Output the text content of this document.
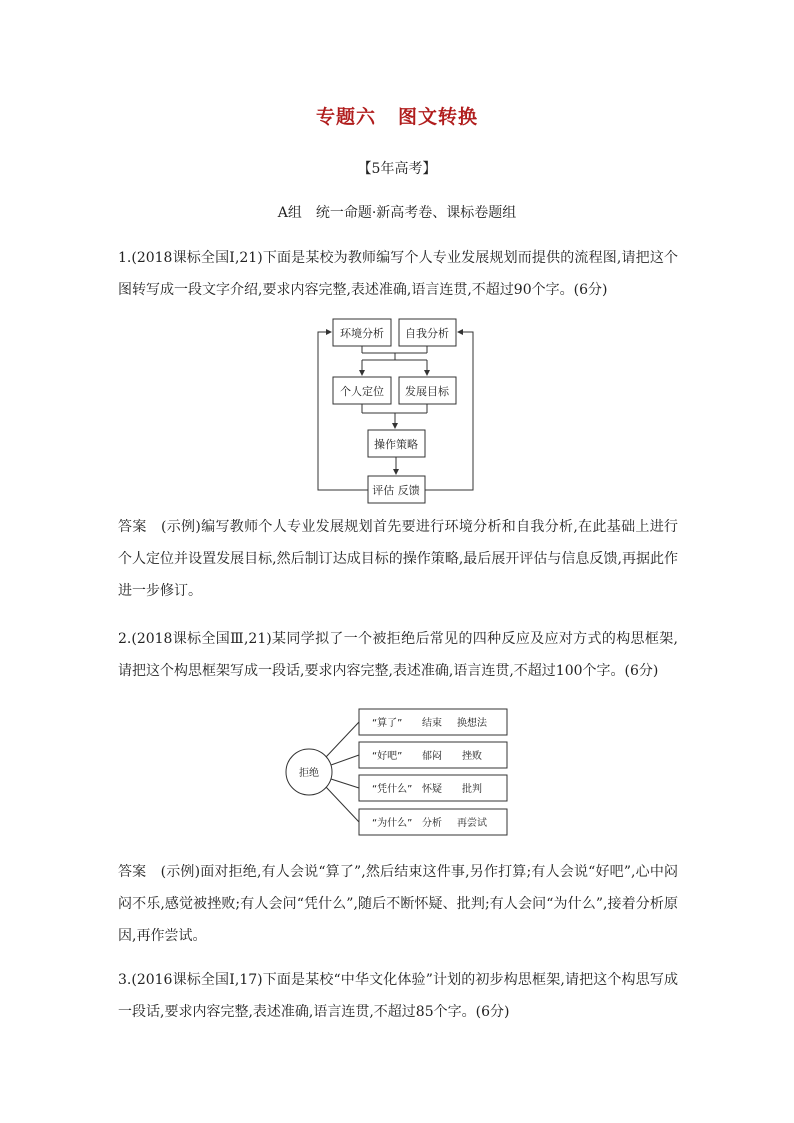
专题六 图文转换
【5年高考】
A组　统一命题·新高考卷、课标卷题组
1.(2018课标全国Ⅰ,21)下面是某校为教师编写个人专业发展规划而提供的流程图,请把这个图转写成一段文字介绍,要求内容完整,表述准确,语言连贯,不超过90个字。(6分)
环境分析 自我分析
个人定位 发展目标
操作策略
评估 反馈
答案　 (示例)编写教师个人专业发展规划首先要进行环境分析和自我分析,在此基础上进行个人定位并设置发展目标,然后制订达成目标的操作策略,最后展开评估与信息反馈,再据此作进一步修订。
2.(2018课标全国Ⅲ,21)某同学拟了一个被拒绝后常见的四种反应及应对方式的构思框架,请把这个构思框架写成一段话,要求内容完整,表述准确,语言连贯,不超过100个字。(6分)
拒绝
“算了” 结束 换想法
“好吧” 郁闷 挫败
“凭什么” 怀疑 批判
“为什么” 分析 再尝试
答案　 (示例)面对拒绝,有人会说“算了”,然后结束这件事,另作打算;有人会说“好吧”,心中闷闷不乐,感觉被挫败;有人会问“凭什么”,随后不断怀疑、批判;有人会问“为什么”,接着分析原因,再作尝试。
3.(2016课标全国Ⅰ,17)下面是某校“中华文化体验”计划的初步构思框架,请把这个构思写成一段话,要求内容完整,表述准确,语言连贯,不超过85个字。(6分)
